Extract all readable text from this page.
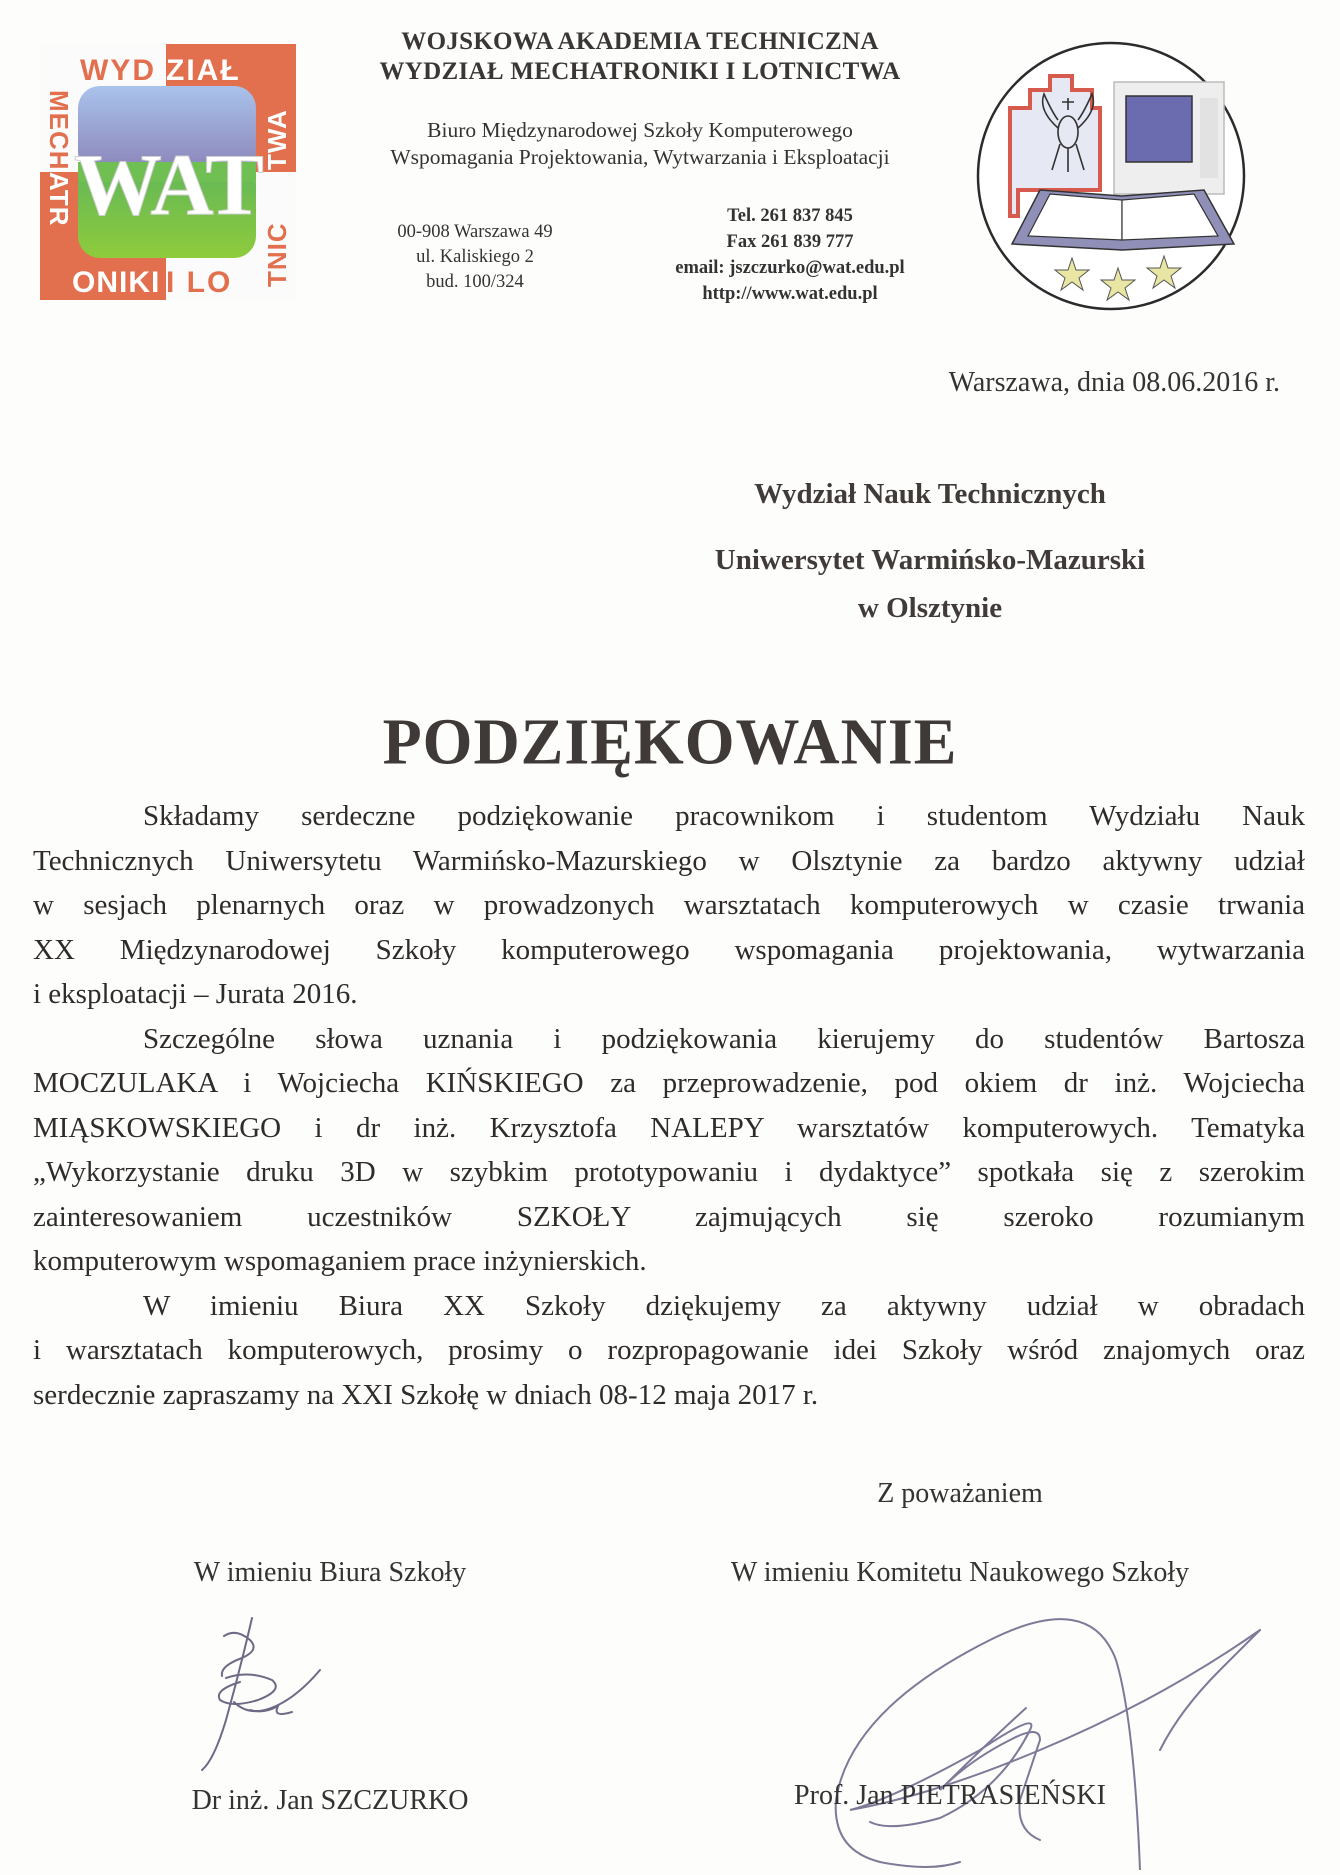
WYD ZIAŁ
ONIKI I LO
MECH
ATR
TNIC
TWA
WAT
WOJSKOWA AKADEMIA TECHNICZNA
WYDZIAŁ MECHATRONIKI I LOTNICTWA
Biuro Międzynarodowej Szkoły Komputerowego
Wspomagania Projektowania, Wytwarzania i Eksploatacji
00-908 Warszawa 49
ul. Kaliskiego 2
bud. 100/324
Tel. 261 837 845
Fax 261 839 777
email: jszczurko@wat.edu.pl
http://www.wat.edu.pl
Warszawa, dnia 08.06.2016 r.
Wydział Nauk Technicznych
Uniwersytet Warmińsko-Mazurski
w Olsztynie
PODZIĘKOWANIE
Składamy serdeczne podziękowanie pracownikom i studentom Wydziału Nauk
Technicznych Uniwersytetu Warmińsko-Mazurskiego w Olsztynie za bardzo aktywny udział
w sesjach plenarnych oraz w prowadzonych warsztatach komputerowych w czasie trwania
XX Międzynarodowej Szkoły komputerowego wspomagania projektowania, wytwarzania
i eksploatacji – Jurata 2016.
Szczególne słowa uznania i podziękowania kierujemy do studentów Bartosza
MOCZULAKA i Wojciecha KIŃSKIEGO za przeprowadzenie, pod okiem dr inż. Wojciecha
MIĄSKOWSKIEGO i dr inż. Krzysztofa NALEPY warsztatów komputerowych. Tematyka
„Wykorzystanie druku 3D w szybkim prototypowaniu i dydaktyce” spotkała się z szerokim
zainteresowaniem uczestników SZKOŁY zajmujących się szeroko rozumianym
komputerowym wspomaganiem prace inżynierskich.
W imieniu Biura XX Szkoły dziękujemy za aktywny udział w obradach
i warsztatach komputerowych, prosimy o rozpropagowanie idei Szkoły wśród znajomych oraz
serdecznie zapraszamy na XXI Szkołę w dniach 08-12 maja 2017 r.
Z poważaniem
W imieniu Biura Szkoły	W imieniu Komitetu Naukowego Szkoły
Dr inż. Jan SZCZURKO	Prof. Jan PIETRASIEŃSKI
